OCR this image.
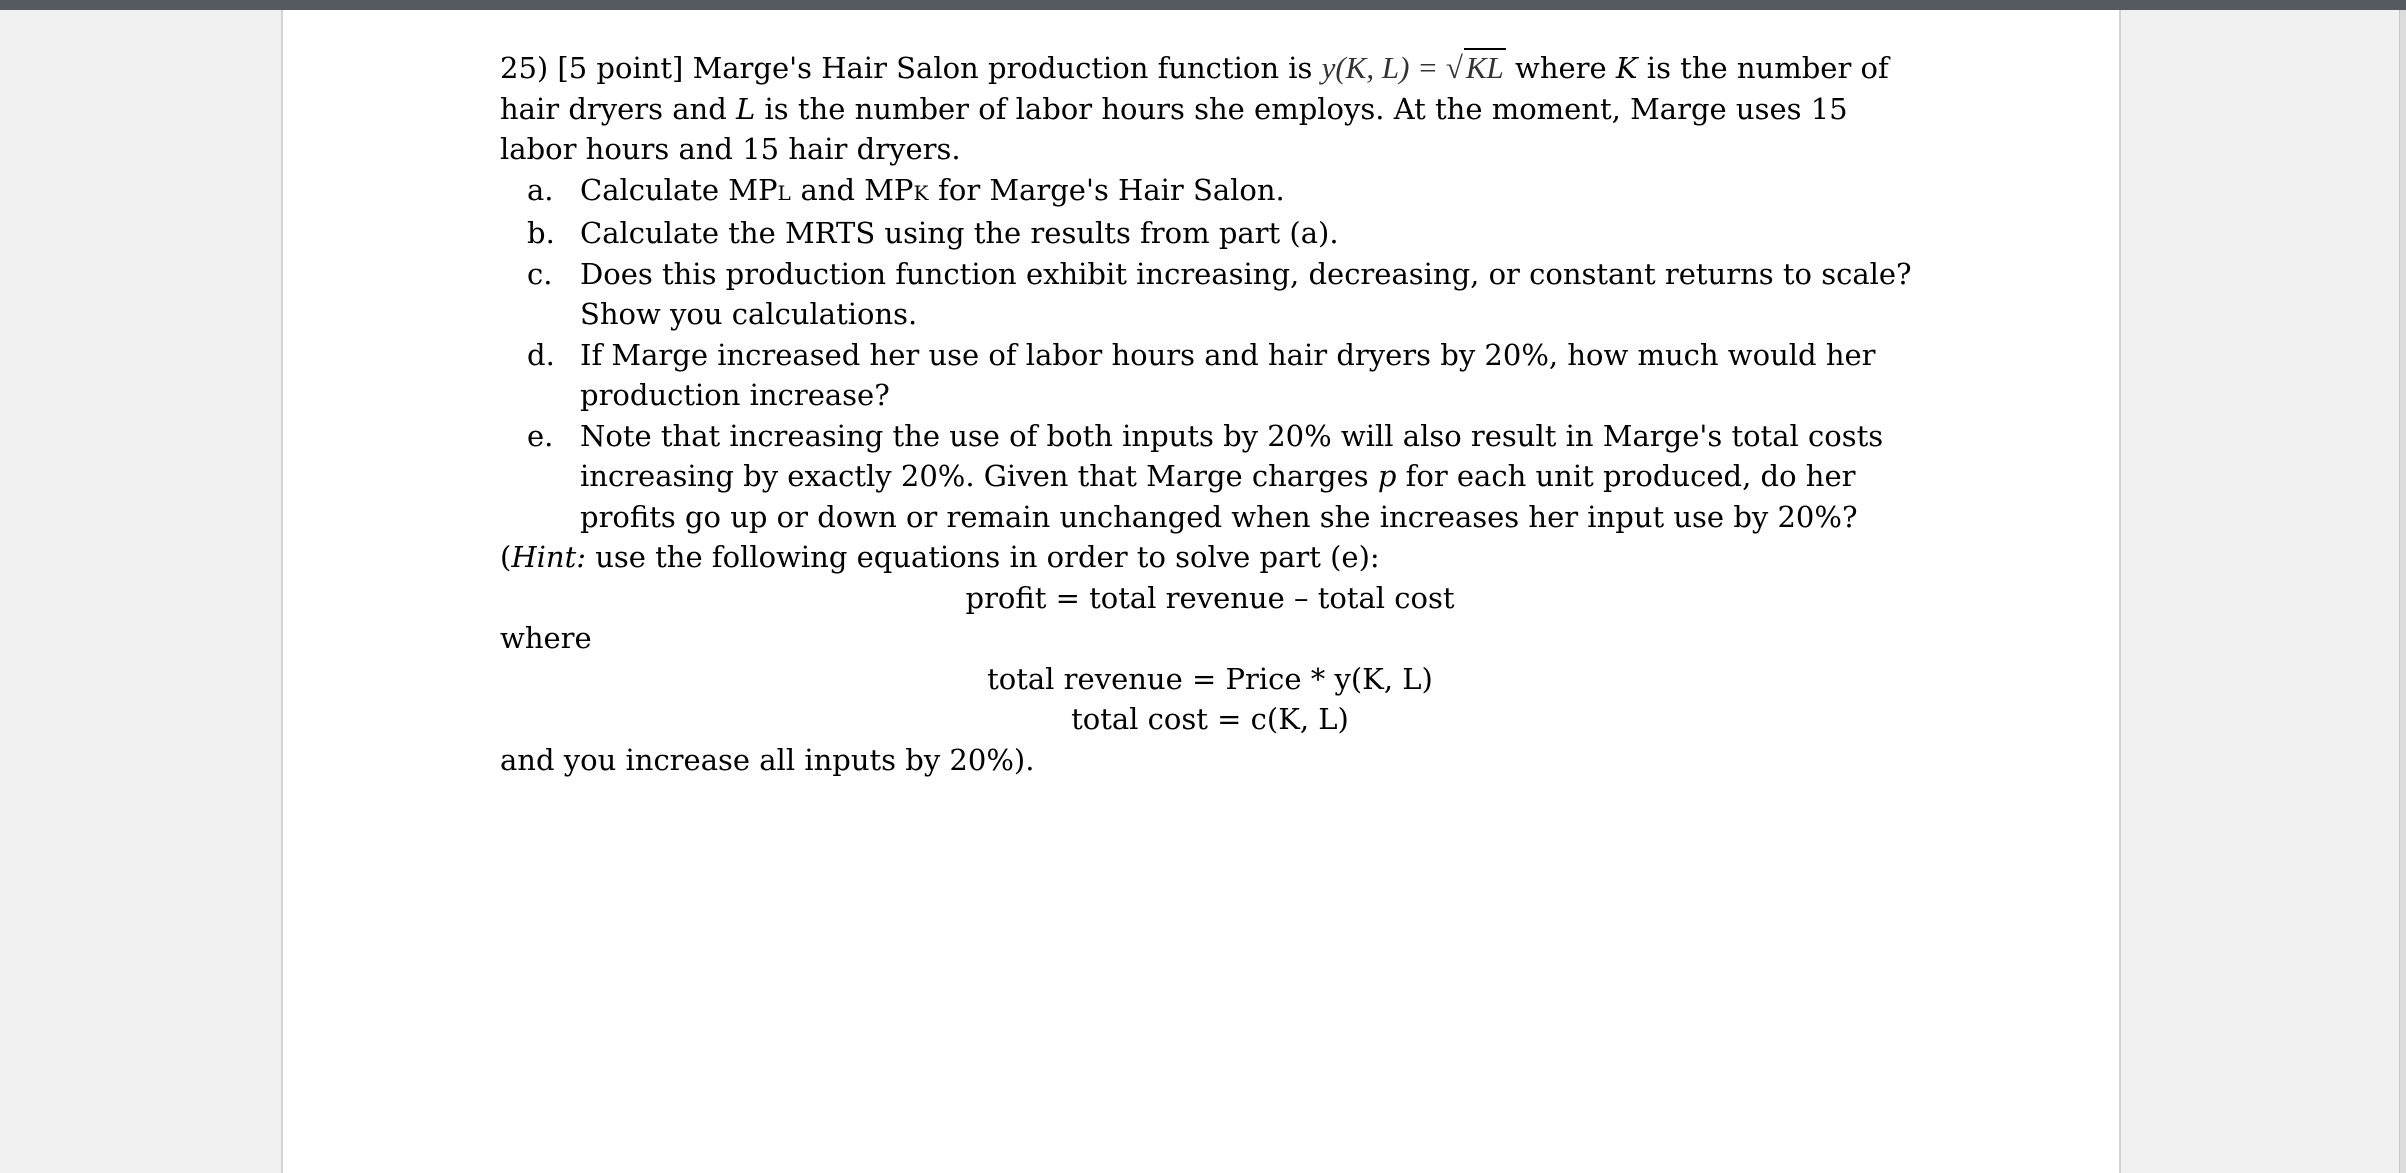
25) [5 point] Marge's Hair Salon production function is y(K, L) = √KL where K is the number of hair dryers and L is the number of labor hours she employs. At the moment, Marge uses 15 labor hours and 15 hair dryers.

a. Calculate MPL and MPK for Marge's Hair Salon.
b. Calculate the MRTS using the results from part (a).
c. Does this production function exhibit increasing, decreasing, or constant returns to scale? Show you calculations.
d. If Marge increased her use of labor hours and hair dryers by 20%, how much would her production increase?
e. Note that increasing the use of both inputs by 20% will also result in Marge's total costs increasing by exactly 20%. Given that Marge charges p for each unit produced, do her profits go up or down or remain unchanged when she increases her input use by 20%?

(Hint: use the following equations in order to solve part (e):

profit = total revenue – total cost

where

total revenue = Price * y(K, L)

total cost = c(K, L)

and you increase all inputs by 20%).
